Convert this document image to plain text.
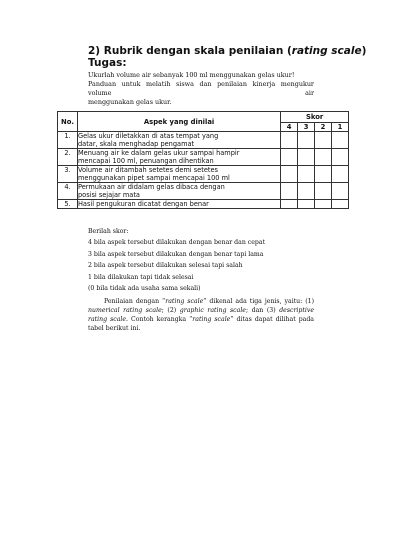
2) Rubrik dengan skala penilaian (rating scale)
Tugas:

Ukurlah volume air sebanyak 100 ml menggunakan gelas ukur!

Panduan untuk melatih siswa dan penilaian kinerja mengukur volume air

menggunakan gelas ukur.

No.	Aspek yang dinilai	Skor			
		4	3	2	1
1.	Gelas ukur diletakkan di atas tempat yang
datar, skala menghadap pengamat				

2.	Menuang air ke dalam gelas ukur sampai hampir
mencapai 100 ml, penuangan dihentikan				

3.	Volume air ditambah setetes demi setetes
menggunakan pipet sampai mencapai 100 ml				

4.	Permukaan air didalam gelas dibaca dengan
posisi sejajar mata				

5.	Hasil pengukuran dicatat dengan benar				

Berilah skor:
4 bila aspek tersebut dilakukan dengan benar dan cepat
3 bila aspek tersebut dilakukan dengan benar tapi lama
2 bila aspek tersebut dilakukan selesai tapi salah
1 bila dilakukan tapi tidak selesai
(0 bila tidak ada usaha sama sekali)

Penilaian dengan “rating scale” dikenal ada tiga jenis, yaitu: (1) numerical rating scale; (2) graphic rating scale; dan (3) descriptive rating scale. Contoh kerangka “rating scale” ditas dapat dilihat pada tabel berikut ini.
